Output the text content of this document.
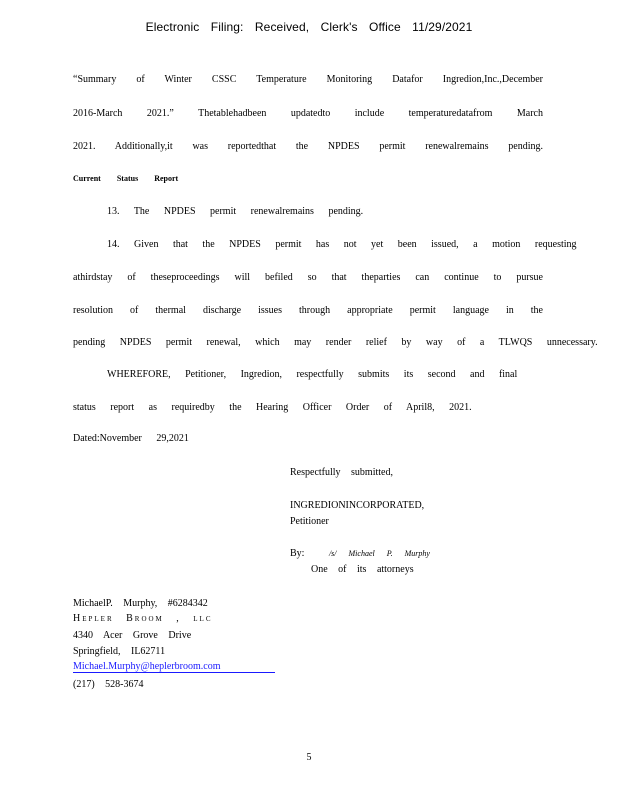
Electronic Filing: Received, Clerk's Office 11/29/2021
“Summary of Winter CSSC Temperature Monitoring Datafor Ingredion,Inc.,December
2016-March 2021.” Thetablehadbeen updatedto include temperaturedatafrom March
2021. Additionally,it was reportedthat the NPDES permit renewalremains pending.
Current Status Report
13. The NPDES permit renewalremains pending.
14. Given that the NPDES permit has not yet been issued, a motion requesting
athirdstay of theseproceedings will befiled so that theparties can continue to pursue
resolution of thermal discharge issues through appropriate permit language in the
pending NPDES permit renewal, which may render relief by way of a TLWQS unnecessary.
WHEREFORE, Petitioner, Ingredion, respectfully submits its second and final
status report as requiredby the Hearing Officer Order of April8, 2021.
Dated:November 29,2021
Respectfully submitted,
INGREDIONINCORPORATED,
Petitioner
By:	/s/ Michael P. Murphy
One of its attorneys
MichaelP. Murphy, #6284342
Hepler Broom , llc
4340 Acer Grove Drive
Springfield, IL62711
Michael.Murphy@heplerbroom.com
(217) 528-3674
5
